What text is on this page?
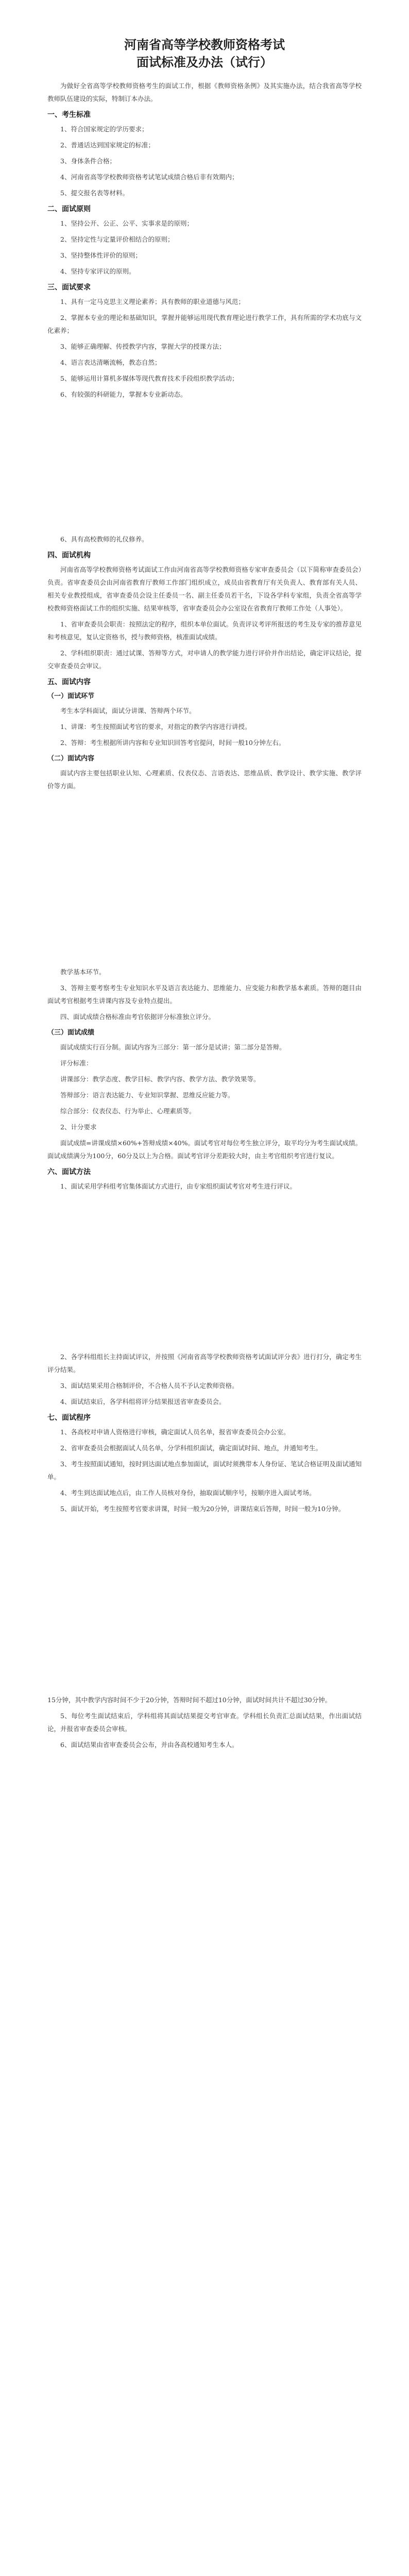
河南省高等学校教师资格考试

面试标准及办法（试行）

为做好全省高等学校教师资格考生的面试工作，根据《教师资格条例》及其实施办法，结合我省高等学校教师队伍建设的实际，特制订本办法。

一、考生标准

1、符合国家规定的学历要求；

2、普通话达到国家规定的标准；

3、身体条件合格；

4、河南省高等学校教师资格考试笔试成绩合格后非有效期内；

5、提交报名表等材料。

二、面试原则

1、坚持公开、公正、公平、实事求是的原则；

2、坚持定性与定量评价相结合的原则；

3、坚持整体性评价的原则；

4、坚持专家评议的原则。

三、面试要求

1、具有一定马克思主义理论素养；具有教师的职业道德与风范；

2、掌握本专业的理论和基础知识，掌握并能够运用现代教育理论进行教学工作，具有所需的学术功底与文化素养；

3、能够正确理解、传授教学内容，掌握大学的授课方法；

4、语言表达清晰流畅，教态自然；

5、能够运用计算机多媒体等现代教育技术手段组织教学活动；

6、有较强的科研能力，掌握本专业新动态。

6、具有高校教师的礼仪修养。

四、面试机构

河南省高等学校教师资格考试面试工作由河南省高等学校教师资格专家审查委员会（以下简称审查委员会）负责。省审查委员会由河南省教育厅教师工作部门组织成立，成员由省教育厅有关负责人、教育部有关人员、相关专业教授组成，省审查委员会设主任委员一名、副主任委员若干名，下设各学科专家组，负责全省高等学校教师资格面试工作的组织实施、结果审核等，省审查委员会办公室设在省教育厅教师工作处（人事处）。

1、省审查委员会职责：按照法定的程序，组织本单位面试。负责评议考评所报送的考生及专家的推荐意见和考核意见，复认定资格书，授与教师资格，核准面试成绩。

2、学科组织职责：通过试课、答辩等方式，对申请人的教学能力进行评价并作出结论，确定评议结论，提交审查委员会审议。

五、面试内容

（一）面试环节

考生本学科面试，面试分讲课、答辩两个环节。

1、讲课：考生按照面试考官的要求，对指定的教学内容进行讲授。

2、答辩：考生根据所讲内容和专业知识回答考官提问，时间一般10分钟左右。

（二）面试内容

面试内容主要包括职业认知、心理素质、仪表仪态、言语表达、思维品质、教学设计、教学实施、教学评价等方面。

教学基本环节。

3、答辩主要考察考生专业知识水平及语言表达能力、思维能力、应变能力和教学基本素质。答辩的题目由面试考官根据考生讲课内容及专业特点提出。

四、面试成绩合格标准由考官依据评分标准独立评分。

（三）面试成绩

面试成绩实行百分制。面试内容为三部分：第一部分是试讲；第二部分是答辩。

评分标准：

讲课部分：教学态度、教学目标、教学内容、教学方法、教学效果等。

答辩部分：语言表达能力、专业知识掌握、思维反应能力等。

综合部分：仪表仪态、行为举止、心理素质等。

2、计分要求

面试成绩=讲课成绩×60%+答辩成绩×40%。面试考官对每位考生独立评分，取平均分为考生面试成绩。面试成绩满分为100分，60分及以上为合格。面试考官评分差距较大时，由主考官组织考官进行复议。

六、面试方法

1、面试采用学科组考官集体面试方式进行，由专家组织面试考官对考生进行评议。

2、各学科组组长主持面试评议，并按照《河南省高等学校教师资格考试面试评分表》进行打分，确定考生评分结果。

3、面试结果采用合格制评价，不合格人员不予认定教师资格。

4、面试结束后，各学科组将评分结果报送省审查委员会。

七、面试程序

1、各高校对申请人资格进行审核，确定面试人员名单，报省审查委员会办公室。

2、省审查委员会根据面试人员名单，分学科组织面试，确定面试时间、地点，并通知考生。

3、考生按照面试通知，按时到达面试地点参加面试，面试时须携带本人身份证、笔试合格证明及面试通知单。

4、考生到达面试地点后，由工作人员核对身份，抽取面试顺序号，按顺序进入面试考场。

5、面试开始，考生按照考官要求讲课，时间一般为20分钟，讲课结束后答辩，时间一般为10分钟。

15分钟，其中教学内容时间不少于20分钟，答辩时间不超过10分钟，面试时间共计不超过30分钟。

5、每位考生面试结束后，学科组将其面试结果提交考官审查。学科组长负责汇总面试结果，作出面试结论，并报省审查委员会审核。

6、面试结果由省审查委员会公布，并由各高校通知考生本人。
